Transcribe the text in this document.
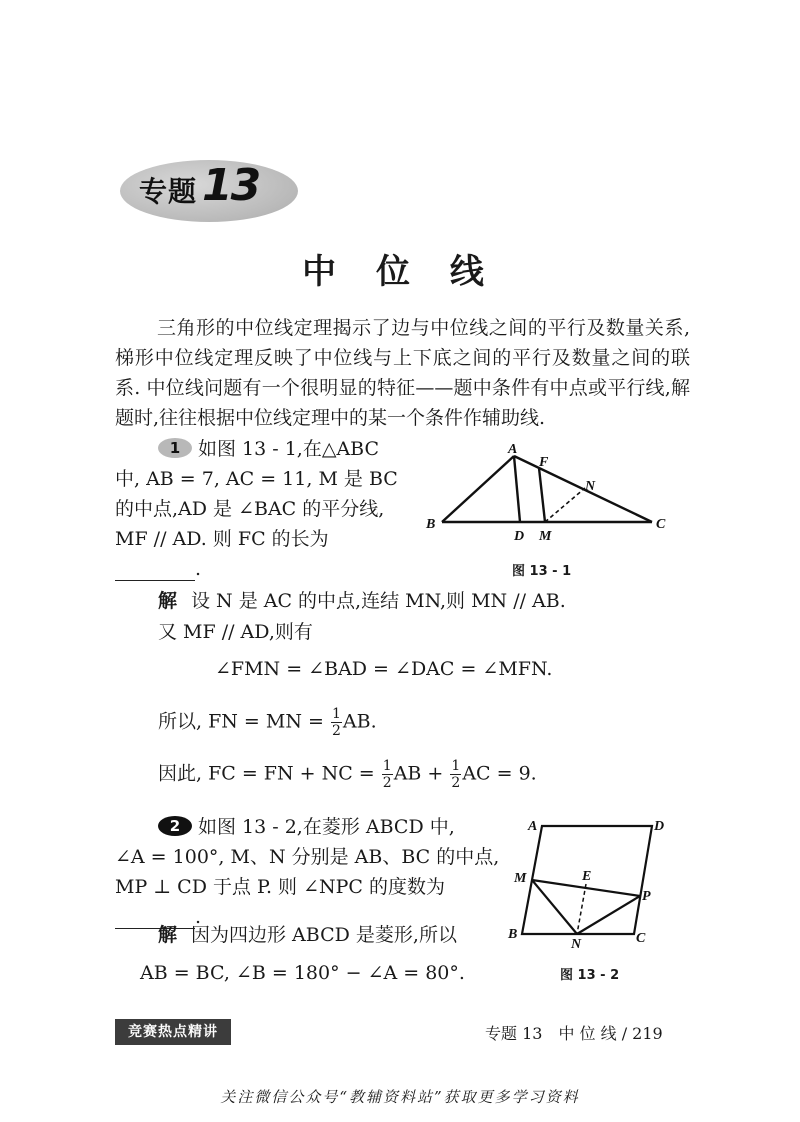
专题 13
中 位 线
三角形的中位线定理揭示了边与中位线之间的平行及数量关系,梯形中位线定理反映了中位线与上下底之间的平行及数量之间的联系. 中位线问题有一个很明显的特征——题中条件有中点或平行线,解题时,往往根据中位线定理中的某一个条件作辅助线.
1 如图 13 - 1,在△ABC
中, AB = 7, AC = 11, M 是 BC
的中点,AD 是 ∠BAC 的平分线,
MF // AD. 则 FC 的长为
.
A
B	C
D
F
M
N
图 13 - 1
解 设 N 是 AC 的中点,连结 MN,则 MN // AB.
又 MF // AD,则有
∠FMN = ∠BAD = ∠DAC = ∠MFN.
所以, FN = MN = $\frac{1}{2}$ AB.
因此, FC = FN + NC = $\frac{1}{2}$ AB + $\frac{1}{2}$ AC = 9.
2 如图 13 - 2,在菱形 ABCD 中,
∠A = 100°, M、N 分别是 AB、BC 的中点,
MP ⊥ CD 于点 P. 则 ∠NPC 的度数为
.
A	D
B	C
M	E
P
N
图 13 - 2
解 因为四边形 ABCD 是菱形,所以
AB = BC, ∠B = 180° − ∠A = 80°.
竞赛热点精讲	专题 13　中 位 线 / 219
关注微信公众号“教辅资料站”获取更多学习资料
